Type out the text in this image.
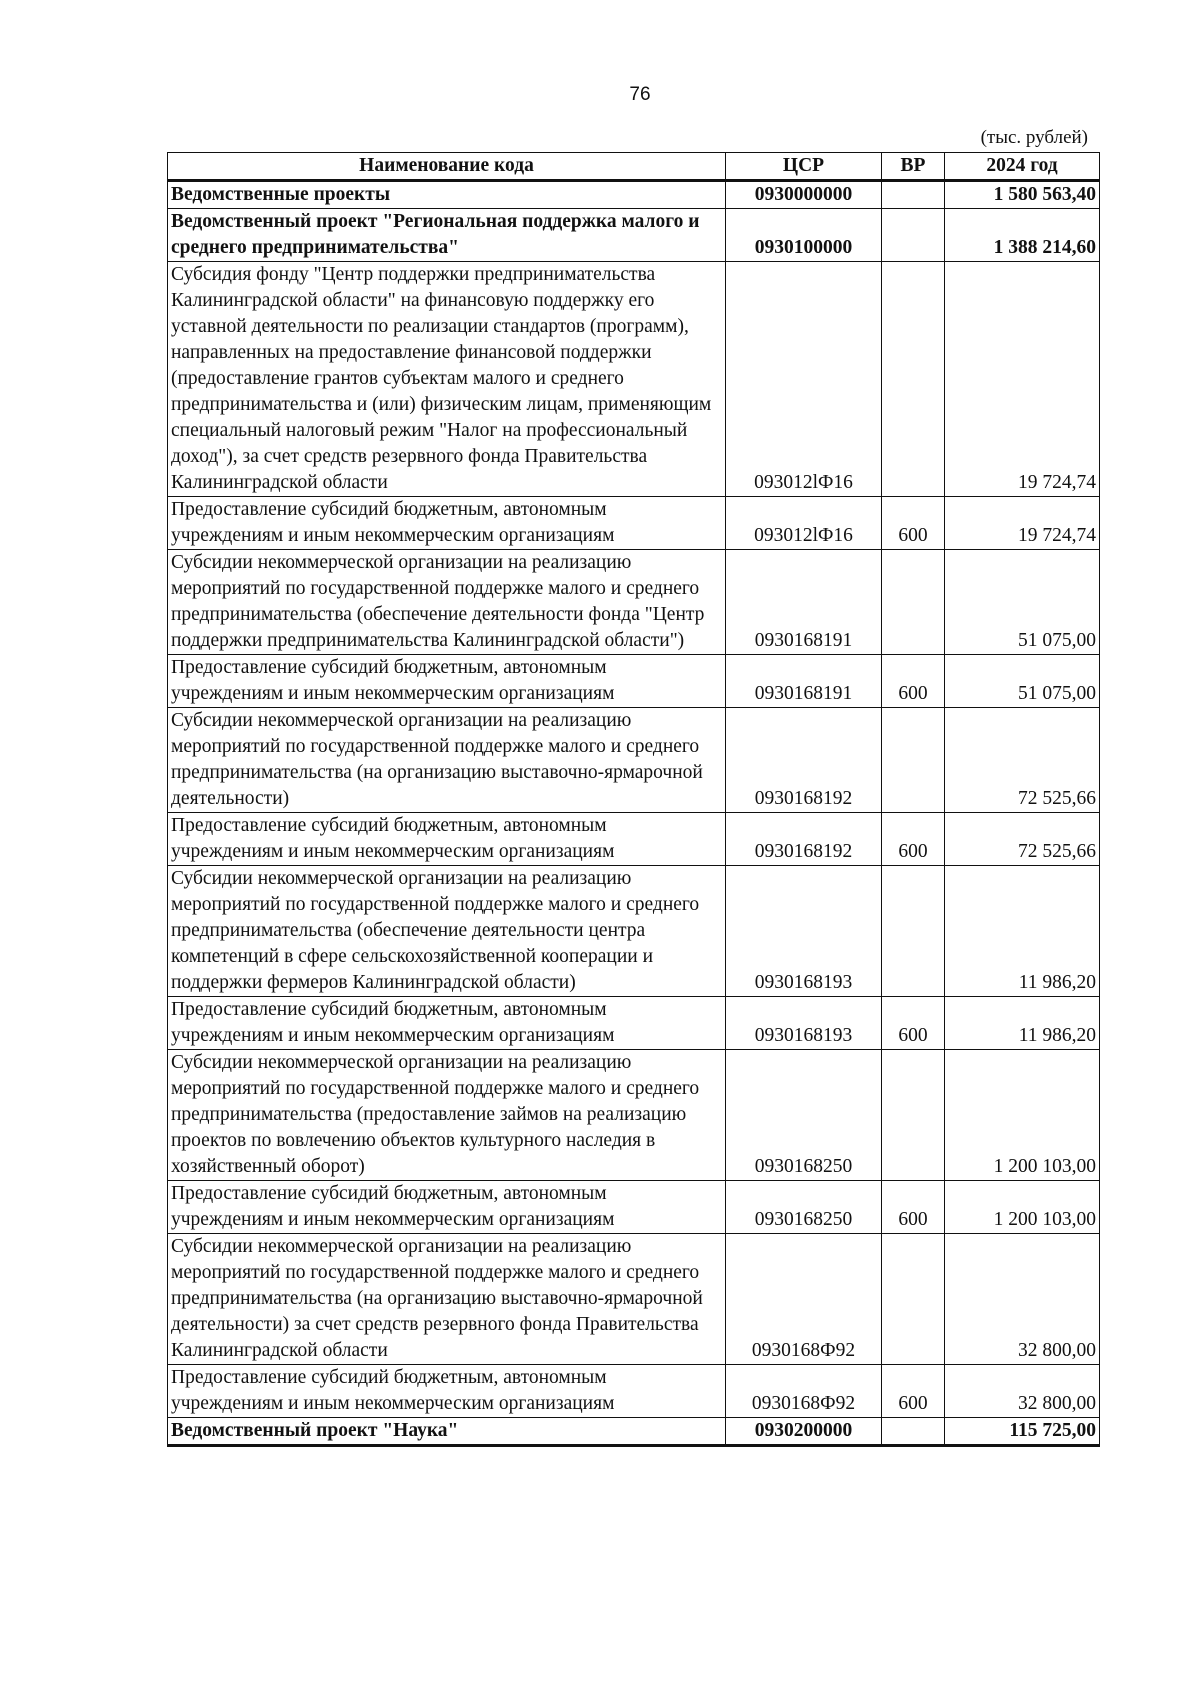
76
(тыс. рублей)
Наименование кода	ЦСР	ВР	2024 год
Ведомственные проекты	0930000000		1 580 563,40
Ведомственный проект "Региональная поддержка малого и среднего предпринимательства"	0930100000		1 388 214,60
Субсидия фонду "Центр поддержки предпринимательства Калининградской области" на финансовую поддержку его уставной деятельности по реализации стандартов (программ), направленных на предоставление финансовой поддержки (предоставление грантов субъектам малого и среднего предпринимательства и (или) физическим лицам, применяющим специальный налоговый режим "Налог на профессиональный доход"), за счет средств резервного фонда Правительства Калининградской области	093012lФ16		19 724,74
Предоставление субсидий бюджетным, автономным учреждениям и иным некоммерческим организациям	093012lФ16	600	19 724,74
Субсидии некоммерческой организации на реализацию мероприятий по государственной поддержке малого и среднего предпринимательства (обеспечение деятельности фонда "Центр поддержки предпринимательства Калининградской области")	0930168191		51 075,00
Предоставление субсидий бюджетным, автономным учреждениям и иным некоммерческим организациям	0930168191	600	51 075,00
Субсидии некоммерческой организации на реализацию мероприятий по государственной поддержке малого и среднего предпринимательства (на организацию выставочно-ярмарочной деятельности)	0930168192		72 525,66
Предоставление субсидий бюджетным, автономным учреждениям и иным некоммерческим организациям	0930168192	600	72 525,66
Субсидии некоммерческой организации на реализацию мероприятий по государственной поддержке малого и среднего предпринимательства (обеспечение деятельности центра компетенций в сфере сельскохозяйственной кооперации и поддержки фермеров Калининградской области)	0930168193		11 986,20
Предоставление субсидий бюджетным, автономным учреждениям и иным некоммерческим организациям	0930168193	600	11 986,20
Субсидии некоммерческой организации на реализацию мероприятий по государственной поддержке малого и среднего предпринимательства (предоставление займов на реализацию проектов по вовлечению объектов культурного наследия в хозяйственный оборот)	0930168250		1 200 103,00
Предоставление субсидий бюджетным, автономным учреждениям и иным некоммерческим организациям	0930168250	600	1 200 103,00
Субсидии некоммерческой организации на реализацию мероприятий по государственной поддержке малого и среднего предпринимательства (на организацию выставочно-ярмарочной деятельности) за счет средств резервного фонда Правительства Калининградской области	0930168Ф92		32 800,00
Предоставление субсидий бюджетным, автономным учреждениям и иным некоммерческим организациям	0930168Ф92	600	32 800,00
Ведомственный проект "Наука"	0930200000		115 725,00
